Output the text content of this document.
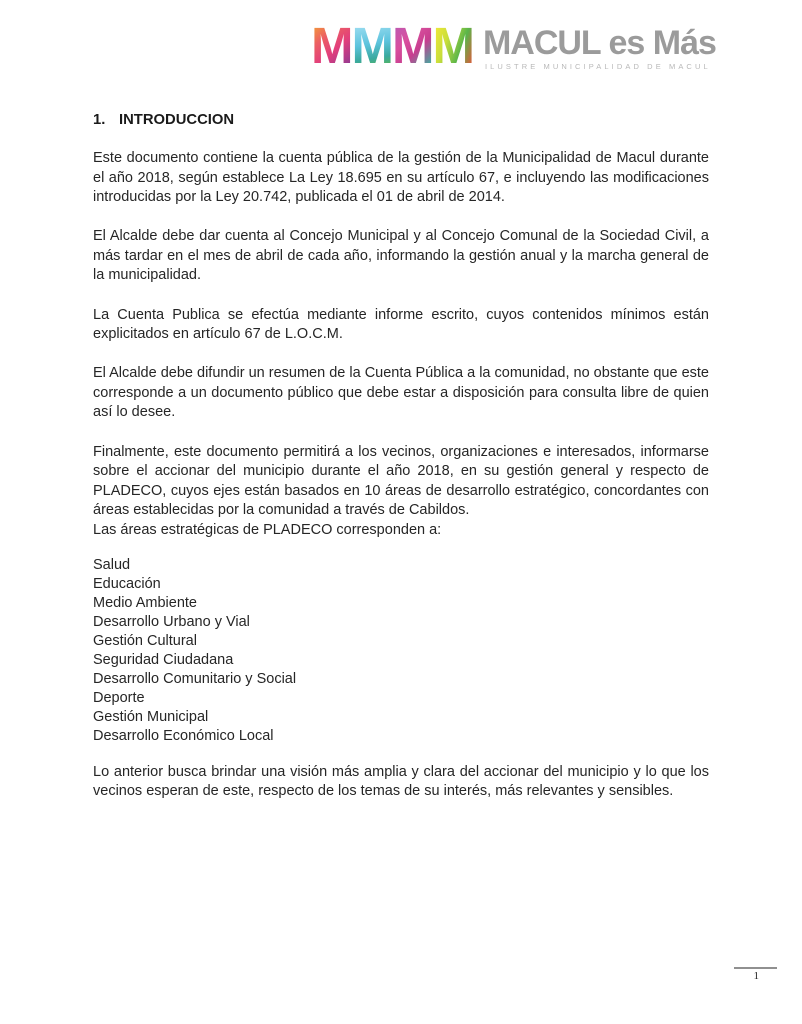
M M M M MACUL es Más
ILUSTRE MUNICIPALIDAD DE MACUL
1. INTRODUCCION

Este documento contiene la cuenta pública de la gestión de la Municipalidad de Macul durante el año 2018, según establece La Ley 18.695 en su artículo 67, e incluyendo las modificaciones introducidas por la Ley 20.742, publicada el 01 de abril de 2014.

El Alcalde debe dar cuenta al Concejo Municipal y al Concejo Comunal de la Sociedad Civil, a más tardar en el mes de abril de cada año, informando la gestión anual y la marcha general de la municipalidad.

La Cuenta Publica se efectúa mediante informe escrito, cuyos contenidos mínimos están explicitados en artículo 67 de L.O.C.M.

El Alcalde debe difundir un resumen de la Cuenta Pública a la comunidad, no obstante que este corresponde a un documento público que debe estar a disposición para consulta libre de quien así lo desee.

Finalmente, este documento permitirá a los vecinos, organizaciones e interesados, informarse sobre el accionar del municipio durante el año 2018, en su gestión general y respecto de PLADECO, cuyos ejes están basados en 10 áreas de desarrollo estratégico, concordantes con áreas establecidas por la comunidad a través de Cabildos.

Las áreas estratégicas de PLADECO corresponden a:
Salud
Educación
Medio Ambiente
Desarrollo Urbano y Vial
Gestión Cultural
Seguridad Ciudadana
Desarrollo Comunitario y Social
Deporte
Gestión Municipal
Desarrollo Económico Local

Lo anterior busca brindar una visión más amplia y clara del accionar del municipio y lo que los vecinos esperan de este, respecto de los temas de su interés, más relevantes y sensibles.

1
